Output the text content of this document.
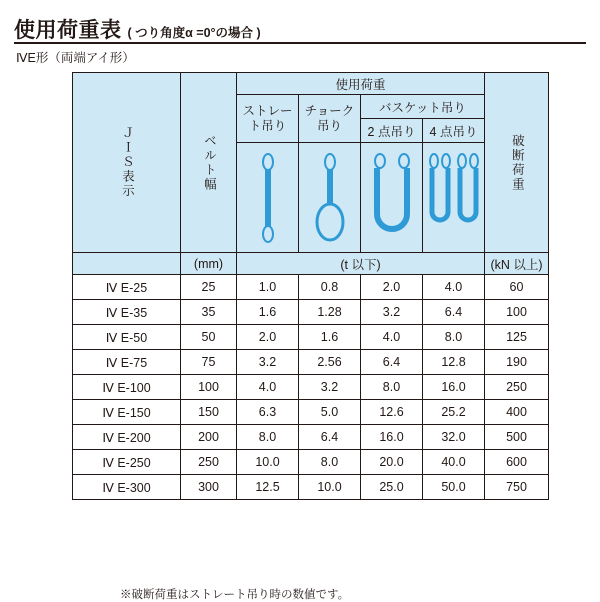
使用荷重表 ( つり角度α =0°の場合 )
ⅣE形（両端アイ形）
ＪＩＳ表示	ベルト幅	使用荷重				破断荷重

		ストレート吊り	チョーク吊り	バスケット吊り		
				2 点吊り	4 点吊り	

	(mm)	(t 以下)				(kN 以上)
Ⅳ E-25	25	1.0	0.8	2.0	4.0	60
Ⅳ E-35	35	1.6	1.28	3.2	6.4	100
Ⅳ E-50	50	2.0	1.6	4.0	8.0	125
Ⅳ E-75	75	3.2	2.56	6.4	12.8	190
Ⅳ E-100	100	4.0	3.2	8.0	16.0	250
Ⅳ E-150	150	6.3	5.0	12.6	25.2	400
Ⅳ E-200	200	8.0	6.4	16.0	32.0	500
Ⅳ E-250	250	10.0	8.0	20.0	40.0	600
Ⅳ E-300	300	12.5	10.0	25.0	50.0	750
※破断荷重はストレート吊り時の数値です。
